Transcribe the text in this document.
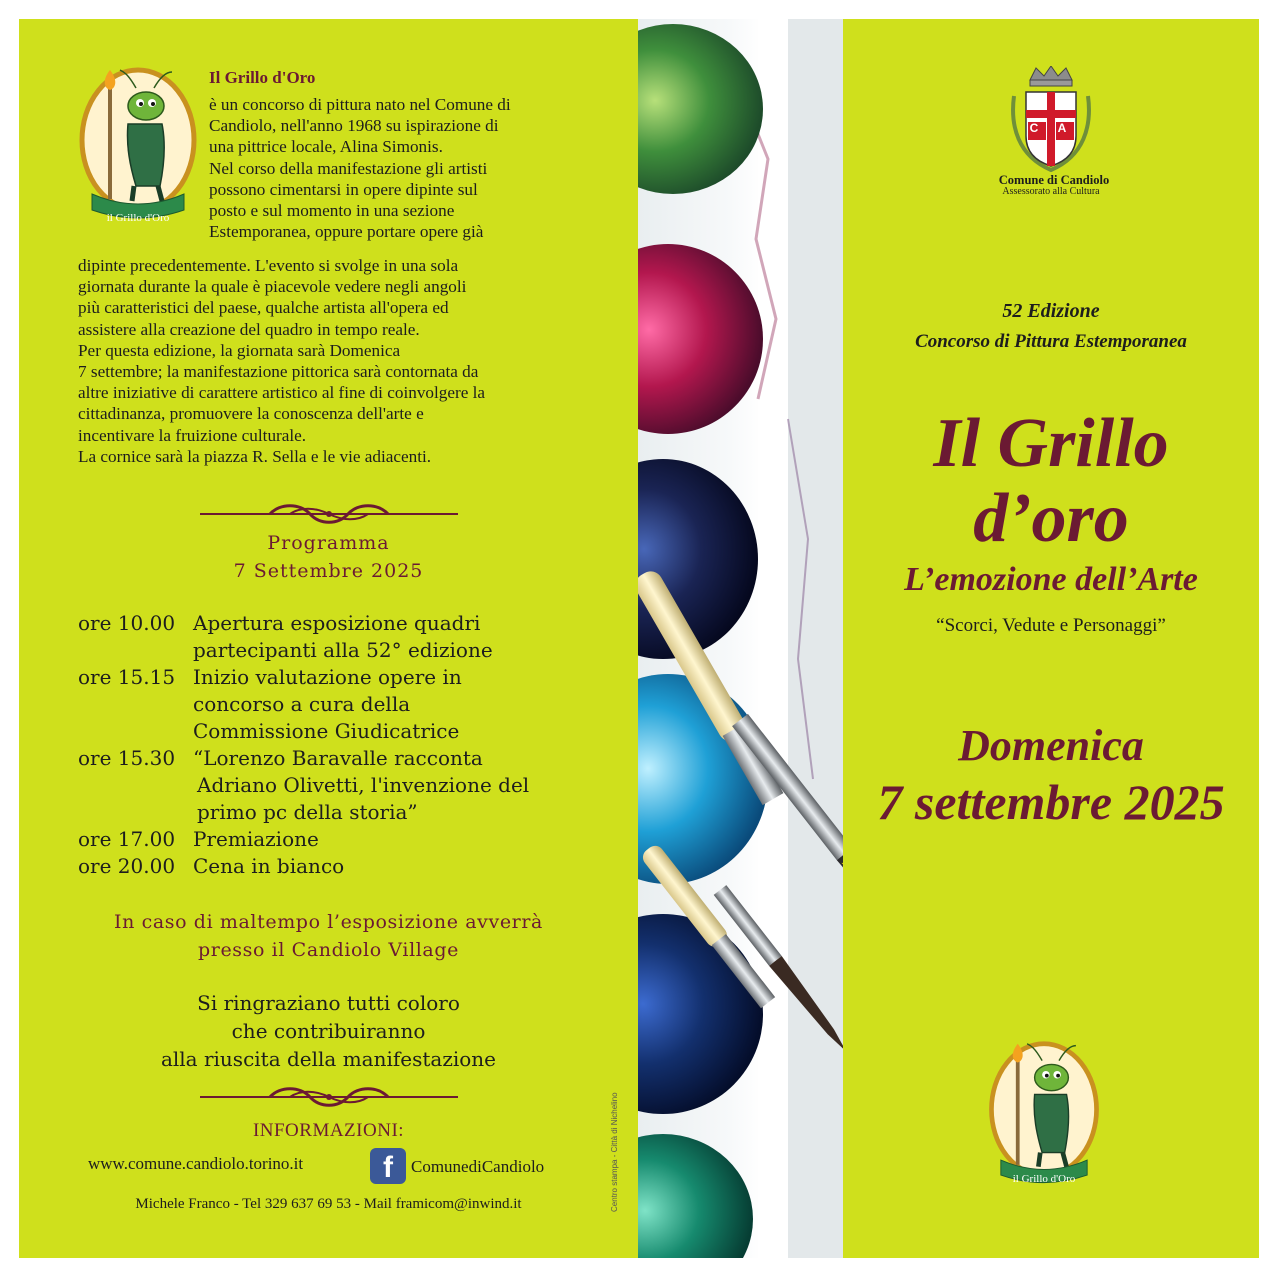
il Grillo d'Oro
Il Grillo d'Oro
è un concorso di pittura nato nel Comune di
Candiolo, nell'anno 1968 su ispirazione di
una pittrice locale, Alina Simonis.
Nel corso della manifestazione gli artisti
possono cimentarsi in opere dipinte sul
posto e sul momento in una sezione
Estemporanea, oppure portare opere già
dipinte precedentemente. L'evento si svolge in una sola
giornata durante la quale è piacevole vedere negli angoli
più caratteristici del paese, qualche artista all'opera ed
assistere alla creazione del quadro in tempo reale.
Per questa edizione, la giornata sarà Domenica
7 settembre; la manifestazione pittorica sarà contornata da
altre iniziative di carattere artistico al fine di coinvolgere la
cittadinanza, promuovere la conoscenza dell'arte e
incentivare la fruizione culturale.
La cornice sarà la piazza R. Sella e le vie adiacenti.
Programma
7 Settembre 2025
ore 10.00 Apertura esposizione quadri
partecipanti alla 52° edizione
ore 15.15 Inizio valutazione opere in
concorso a cura della
Commissione Giudicatrice
ore 15.30 “Lorenzo Baravalle racconta
Adriano Olivetti, l'invenzione del
primo pc della storia”
ore 17.00 Premiazione
ore 20.00 Cena in bianco
In caso di maltempo l’esposizione avverrà
presso il Candiolo Village
Si ringraziano tutti coloro
che contribuiranno
alla riuscita della manifestazione
INFORMAZIONI:
www.comune.candiolo.torino.it	f	ComunediCandiolo
Michele Franco - Tel 329 637 69 53 - Mail framicom@inwind.it	Centro stampa - Città di Nichelino
C	A
Comune di Candiolo
Assessorato alla Cultura
52 Edizione
Concorso di Pittura Estemporanea
Il Grillo
d’oro
L’emozione dell’Arte
“Scorci, Vedute e Personaggi”
Domenica
7 settembre 2025
il Grillo d'Oro
